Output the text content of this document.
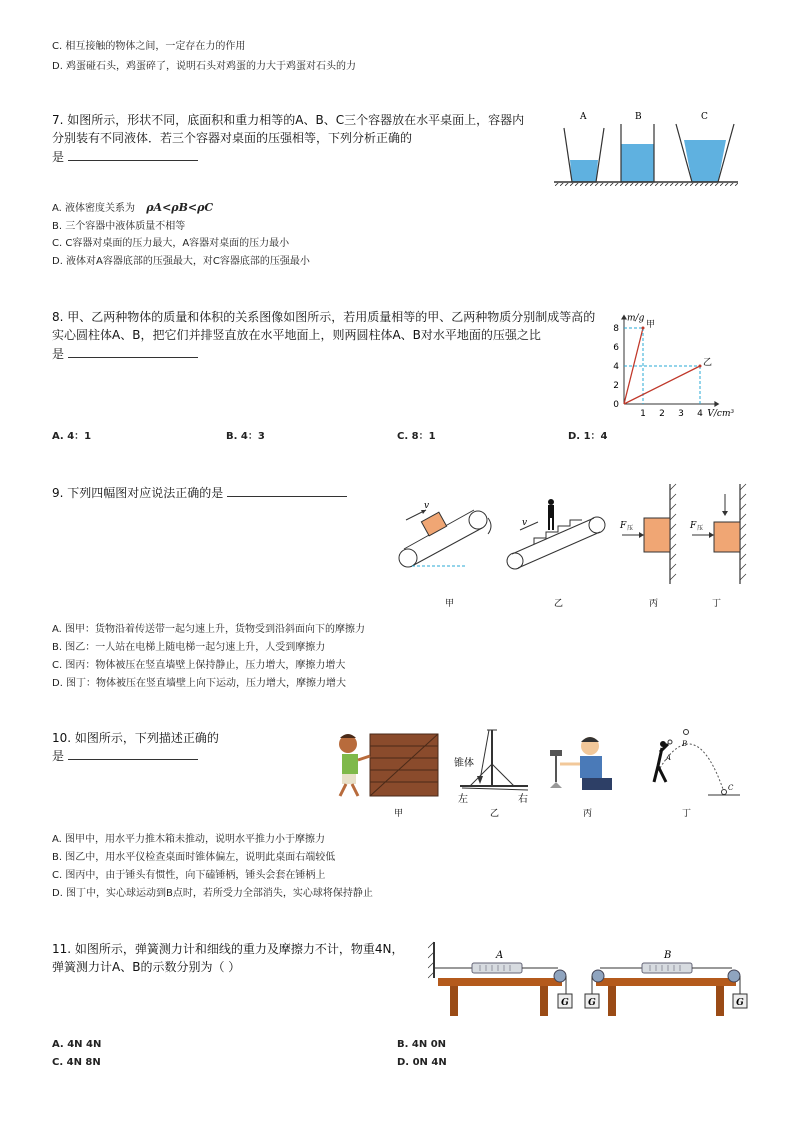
C. 相互接触的物体之间，一定存在力的作用
D. 鸡蛋碰石头，鸡蛋碎了，说明石头对鸡蛋的力大于鸡蛋对石头的力
7. 如图所示，形状不同，底面积和重力相等的A、B、C三个容器放在水平桌面上，容器内
分别装有不同液体．若三个容器对桌面的压强相等，下列分析正确的
是
A	B	C
A. 液体密度关系为 ρA<ρB<ρC
B. 三个容器中液体质量不相等
C. C容器对桌面的压力最大，A容器对桌面的压力最小
D. 液体对A容器底部的压强最大，对C容器底部的压强最小
8. 甲、乙两种物体的质量和体积的关系图像如图所示，若用质量相等的甲、乙两种物质分别制成等高的
实心圆柱体A、B，把它们并排竖直放在水平地面上，则两圆柱体A、B对水平地面的压强之比
是
1 2 3 4
2
4
6
8
0
V/cm³
m/g
甲
乙
A. 4：1	B. 4：3	C. 8：1	D. 1：4
9. 下列四幅图对应说法正确的是
v
v	F 压	F 压
甲	乙	丙	丁
A. 图甲：货物沿着传送带一起匀速上升，货物受到沿斜面向下的摩擦力
B. 图乙：一人站在电梯上随电梯一起匀速上升，人受到摩擦力
C. 图丙：物体被压在竖直墙壁上保持静止，压力增大，摩擦力增大
D. 图丁：物体被压在竖直墙壁上向下运动，压力增大，摩擦力增大
10. 如图所示，下列描述正确的
是
锥体
左	右
A
B
C
甲	乙	丙	丁
A. 图甲中，用水平力推木箱未推动，说明水平推力小于摩擦力
B. 图乙中，用水平仪检查桌面时锥体偏左，说明此桌面右端较低
C. 图丙中，由于锤头有惯性，向下磕锤柄，锤头会套在锤柄上
D. 图丁中，实心球运动到B点时，若所受力全部消失，实心球将保持静止
11. 如图所示，弹簧测力计和细线的重力及摩擦力不计，物重4N，
弹簧测力计A、B的示数分别为（ ）
G
A
G	G
B
A. 4N 4N	B. 4N 0N
C. 4N 8N	D. 0N 4N
